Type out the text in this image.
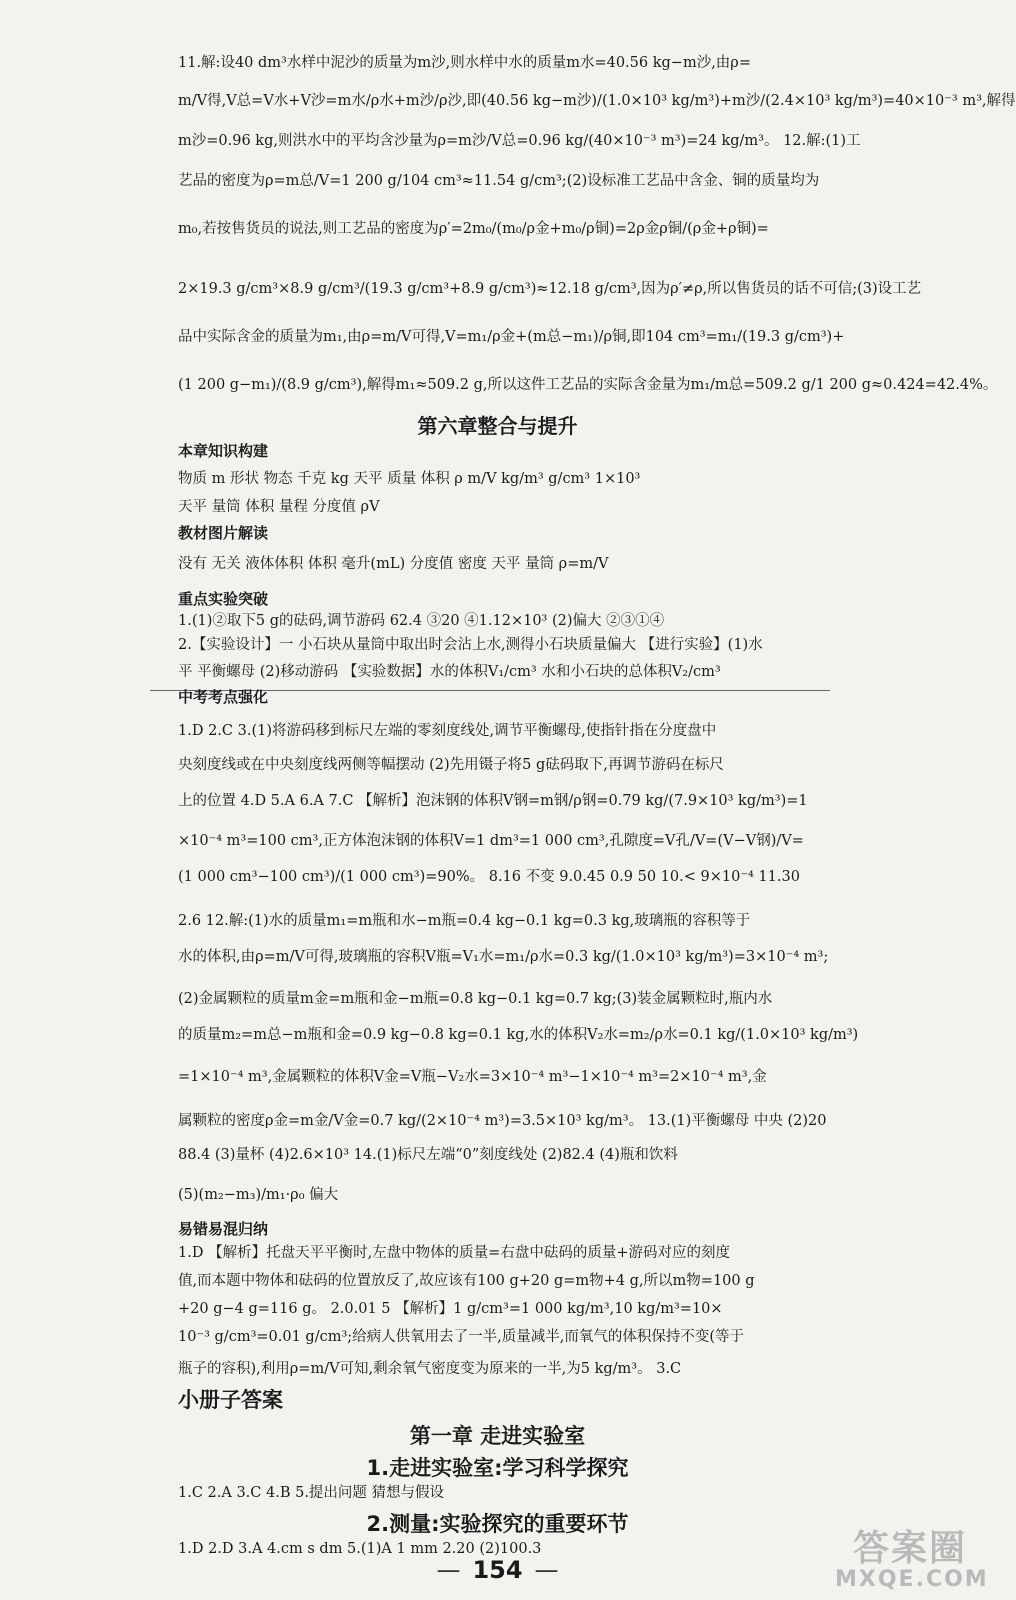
11.解:设40 dm³水样中泥沙的质量为m沙,则水样中水的质量m水=40.56 kg−m沙,由ρ=
m/V得,V总=V水+V沙=m水/ρ水+m沙/ρ沙,即(40.56 kg−m沙)/(1.0×10³ kg/m³)+m沙/(2.4×10³ kg/m³)=40×10⁻³ m³,解得
m沙=0.96 kg,则洪水中的平均含沙量为ρ=m沙/V总=0.96 kg/(40×10⁻³ m³)=24 kg/m³。 12.解:(1)工
艺品的密度为ρ=m总/V=1 200 g/104 cm³≈11.54 g/cm³;(2)设标准工艺品中含金、铜的质量均为
m₀,若按售货员的说法,则工艺品的密度为ρ′=2m₀/(m₀/ρ金+m₀/ρ铜)=2ρ金ρ铜/(ρ金+ρ铜)=
2×19.3 g/cm³×8.9 g/cm³/(19.3 g/cm³+8.9 g/cm³)≈12.18 g/cm³,因为ρ′≠ρ,所以售货员的话不可信;(3)设工艺
品中实际含金的质量为m₁,由ρ=m/V可得,V=m₁/ρ金+(m总−m₁)/ρ铜,即104 cm³=m₁/(19.3 g/cm³)+
(1 200 g−m₁)/(8.9 g/cm³),解得m₁≈509.2 g,所以这件工艺品的实际含金量为m₁/m总=509.2 g/1 200 g≈0.424=42.4%。
第六章整合与提升
本章知识构建
物质 m 形状 物态 千克 kg 天平 质量 体积 ρ m/V kg/m³ g/cm³ 1×10³
天平 量筒 体积 量程 分度值 ρV
教材图片解读
没有 无关 液体体积 体积 毫升(mL) 分度值 密度 天平 量筒 ρ=m/V
重点实验突破
1.(1)②取下5 g的砝码,调节游码 62.4 ③20 ④1.12×10³ (2)偏大 ②③①④
2.【实验设计】一 小石块从量筒中取出时会沾上水,测得小石块质量偏大 【进行实验】(1)水
平 平衡螺母 (2)移动游码 【实验数据】水的体积V₁/cm³ 水和小石块的总体积V₂/cm³
中考考点强化
1.D 2.C 3.(1)将游码移到标尺左端的零刻度线处,调节平衡螺母,使指针指在分度盘中
央刻度线或在中央刻度线两侧等幅摆动 (2)先用镊子将5 g砝码取下,再调节游码在标尺
上的位置 4.D 5.A 6.A 7.C 【解析】泡沫钢的体积V钢=m钢/ρ钢=0.79 kg/(7.9×10³ kg/m³)=1
×10⁻⁴ m³=100 cm³,正方体泡沫钢的体积V=1 dm³=1 000 cm³,孔隙度=V孔/V=(V−V钢)/V=
(1 000 cm³−100 cm³)/(1 000 cm³)=90%。 8.16 不变 9.0.45 0.9 50 10.< 9×10⁻⁴ 11.30
2.6 12.解:(1)水的质量m₁=m瓶和水−m瓶=0.4 kg−0.1 kg=0.3 kg,玻璃瓶的容积等于
水的体积,由ρ=m/V可得,玻璃瓶的容积V瓶=V₁水=m₁/ρ水=0.3 kg/(1.0×10³ kg/m³)=3×10⁻⁴ m³;
(2)金属颗粒的质量m金=m瓶和金−m瓶=0.8 kg−0.1 kg=0.7 kg;(3)装金属颗粒时,瓶内水
的质量m₂=m总−m瓶和金=0.9 kg−0.8 kg=0.1 kg,水的体积V₂水=m₂/ρ水=0.1 kg/(1.0×10³ kg/m³)
=1×10⁻⁴ m³,金属颗粒的体积V金=V瓶−V₂水=3×10⁻⁴ m³−1×10⁻⁴ m³=2×10⁻⁴ m³,金
属颗粒的密度ρ金=m金/V金=0.7 kg/(2×10⁻⁴ m³)=3.5×10³ kg/m³。 13.(1)平衡螺母 中央 (2)20
88.4 (3)量杯 (4)2.6×10³ 14.(1)标尺左端“0”刻度线处 (2)82.4 (4)瓶和饮料
(5)(m₂−m₃)/m₁·ρ₀ 偏大
易错易混归纳
1.D 【解析】托盘天平平衡时,左盘中物体的质量=右盘中砝码的质量+游码对应的刻度
值,而本题中物体和砝码的位置放反了,故应该有100 g+20 g=m物+4 g,所以m物=100 g
+20 g−4 g=116 g。 2.0.01 5 【解析】1 g/cm³=1 000 kg/m³,10 kg/m³=10×
10⁻³ g/cm³=0.01 g/cm³;给病人供氧用去了一半,质量减半,而氧气的体积保持不变(等于
瓶子的容积),利用ρ=m/V可知,剩余氧气密度变为原来的一半,为5 kg/m³。 3.C
小册子答案
第一章 走进实验室
1.走进实验室:学习科学探究
1.C 2.A 3.C 4.B 5.提出问题 猜想与假设
2.测量:实验探究的重要环节
1.D 2.D 3.A 4.cm s dm 5.(1)A 1 mm 2.20 (2)100.3
— 154 —
答案圈
MXQE.COM
